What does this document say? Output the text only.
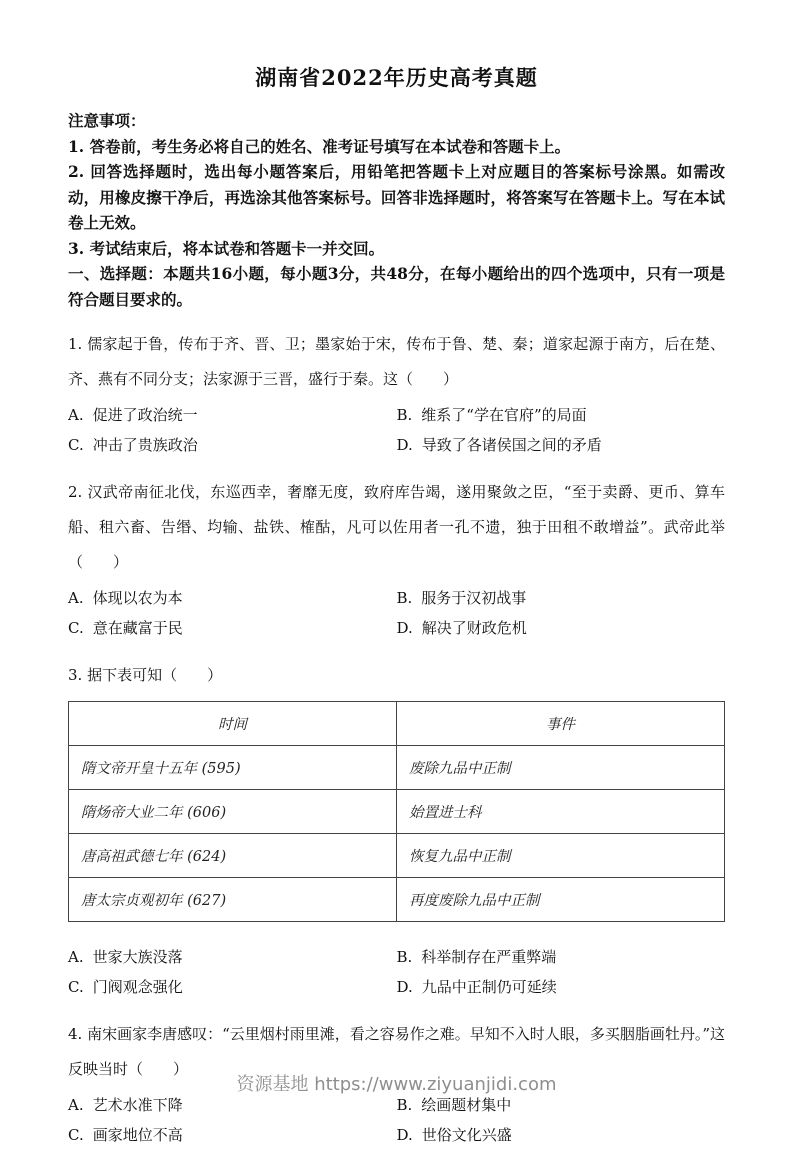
湖南省2022年历史高考真题

注意事项：

1. 答卷前，考生务必将自己的姓名、准考证号填写在本试卷和答题卡上。

2. 回答选择题时，选出每小题答案后，用铅笔把答题卡上对应题目的答案标号涂黑。如需改动，用橡皮擦干净后，再选涂其他答案标号。回答非选择题时，将答案写在答题卡上。写在本试卷上无效。

3. 考试结束后，将本试卷和答题卡一并交回。

一、选择题：本题共16小题，每小题3分，共48分，在每小题给出的四个选项中，只有一项是符合题目要求的。

1. 儒家起于鲁，传布于齐、晋、卫；墨家始于宋，传布于鲁、楚、秦；道家起源于南方，后在楚、齐、燕有不同分支；法家源于三晋，盛行于秦。这（　　）

A. 促进了政治统一	B. 维系了“学在官府”的局面
C. 冲击了贵族政治	D. 导致了各诸侯国之间的矛盾

2. 汉武帝南征北伐，东巡西幸，奢靡无度，致府库告竭，遂用聚敛之臣，“至于卖爵、更币、算车船、租六畜、告缗、均输、盐铁、榷酤，凡可以佐用者一孔不遗，独于田租不敢增益”。武帝此举（　　）

A. 体现以农为本	B. 服务于汉初战事
C. 意在藏富于民	D. 解决了财政危机

3. 据下表可知（　　）

时间	事件
隋文帝开皇十五年 (595)	废除九品中正制
隋炀帝大业二年 (606)	始置进士科
唐高祖武德七年 (624)	恢复九品中正制
唐太宗贞观初年 (627)	再度废除九品中正制
A. 世家大族没落	B. 科举制存在严重弊端
C. 门阀观念强化	D. 九品中正制仍可延续

4. 南宋画家李唐感叹：“云里烟村雨里滩，看之容易作之难。早知不入时人眼，多买胭脂画牡丹。”这反映当时（　　）

A. 艺术水准下降	B. 绘画题材集中
C. 画家地位不高	D. 世俗文化兴盛
资源基地 https://www.ziyuanjidi.com
